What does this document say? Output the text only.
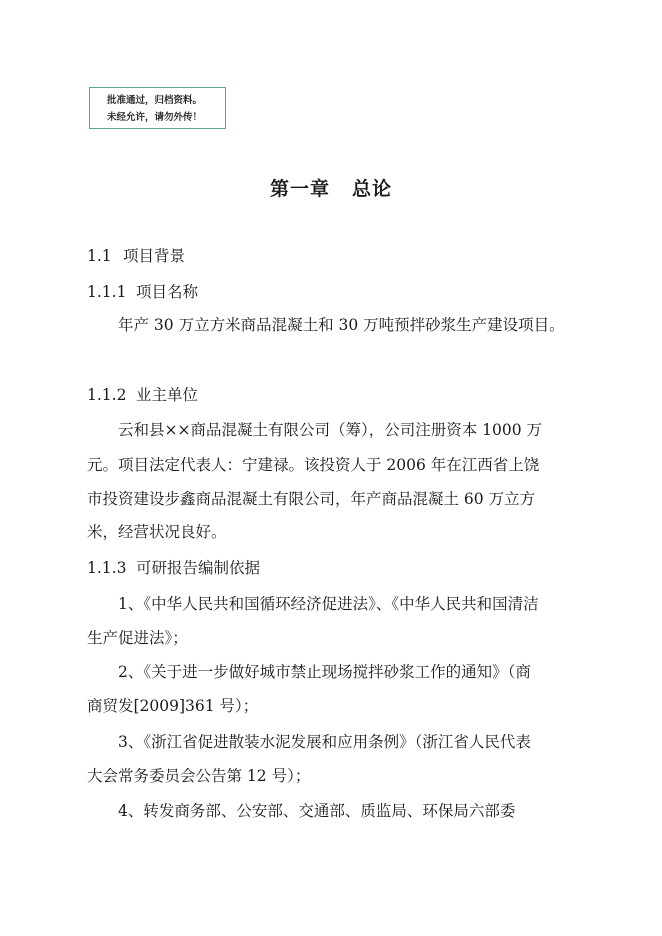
批准通过，归档资料。
未经允许，请勿外传！
第一章 总论
1.1 项目背景
1.1.1 项目名称
年产 30 万立方米商品混凝土和 30 万吨预拌砂浆生产建设项目。
1.1.2 业主单位
云和县××商品混凝土有限公司（筹），公司注册资本 1000 万
元。项目法定代表人：宁建禄。该投资人于 2006 年在江西省上饶
市投资建设步鑫商品混凝土有限公司，年产商品混凝土 60 万立方
米，经营状况良好。
1.1.3 可研报告编制依据
1、《中华人民共和国循环经济促进法》、《中华人民共和国清洁
生产促进法》；
2、《关于进一步做好城市禁止现场搅拌砂浆工作的通知》（商
商贸发[2009]361 号）；
3、《浙江省促进散装水泥发展和应用条例》（浙江省人民代表
大会常务委员会公告第 12 号）；
4、转发商务部、公安部、交通部、质监局、环保局六部委
